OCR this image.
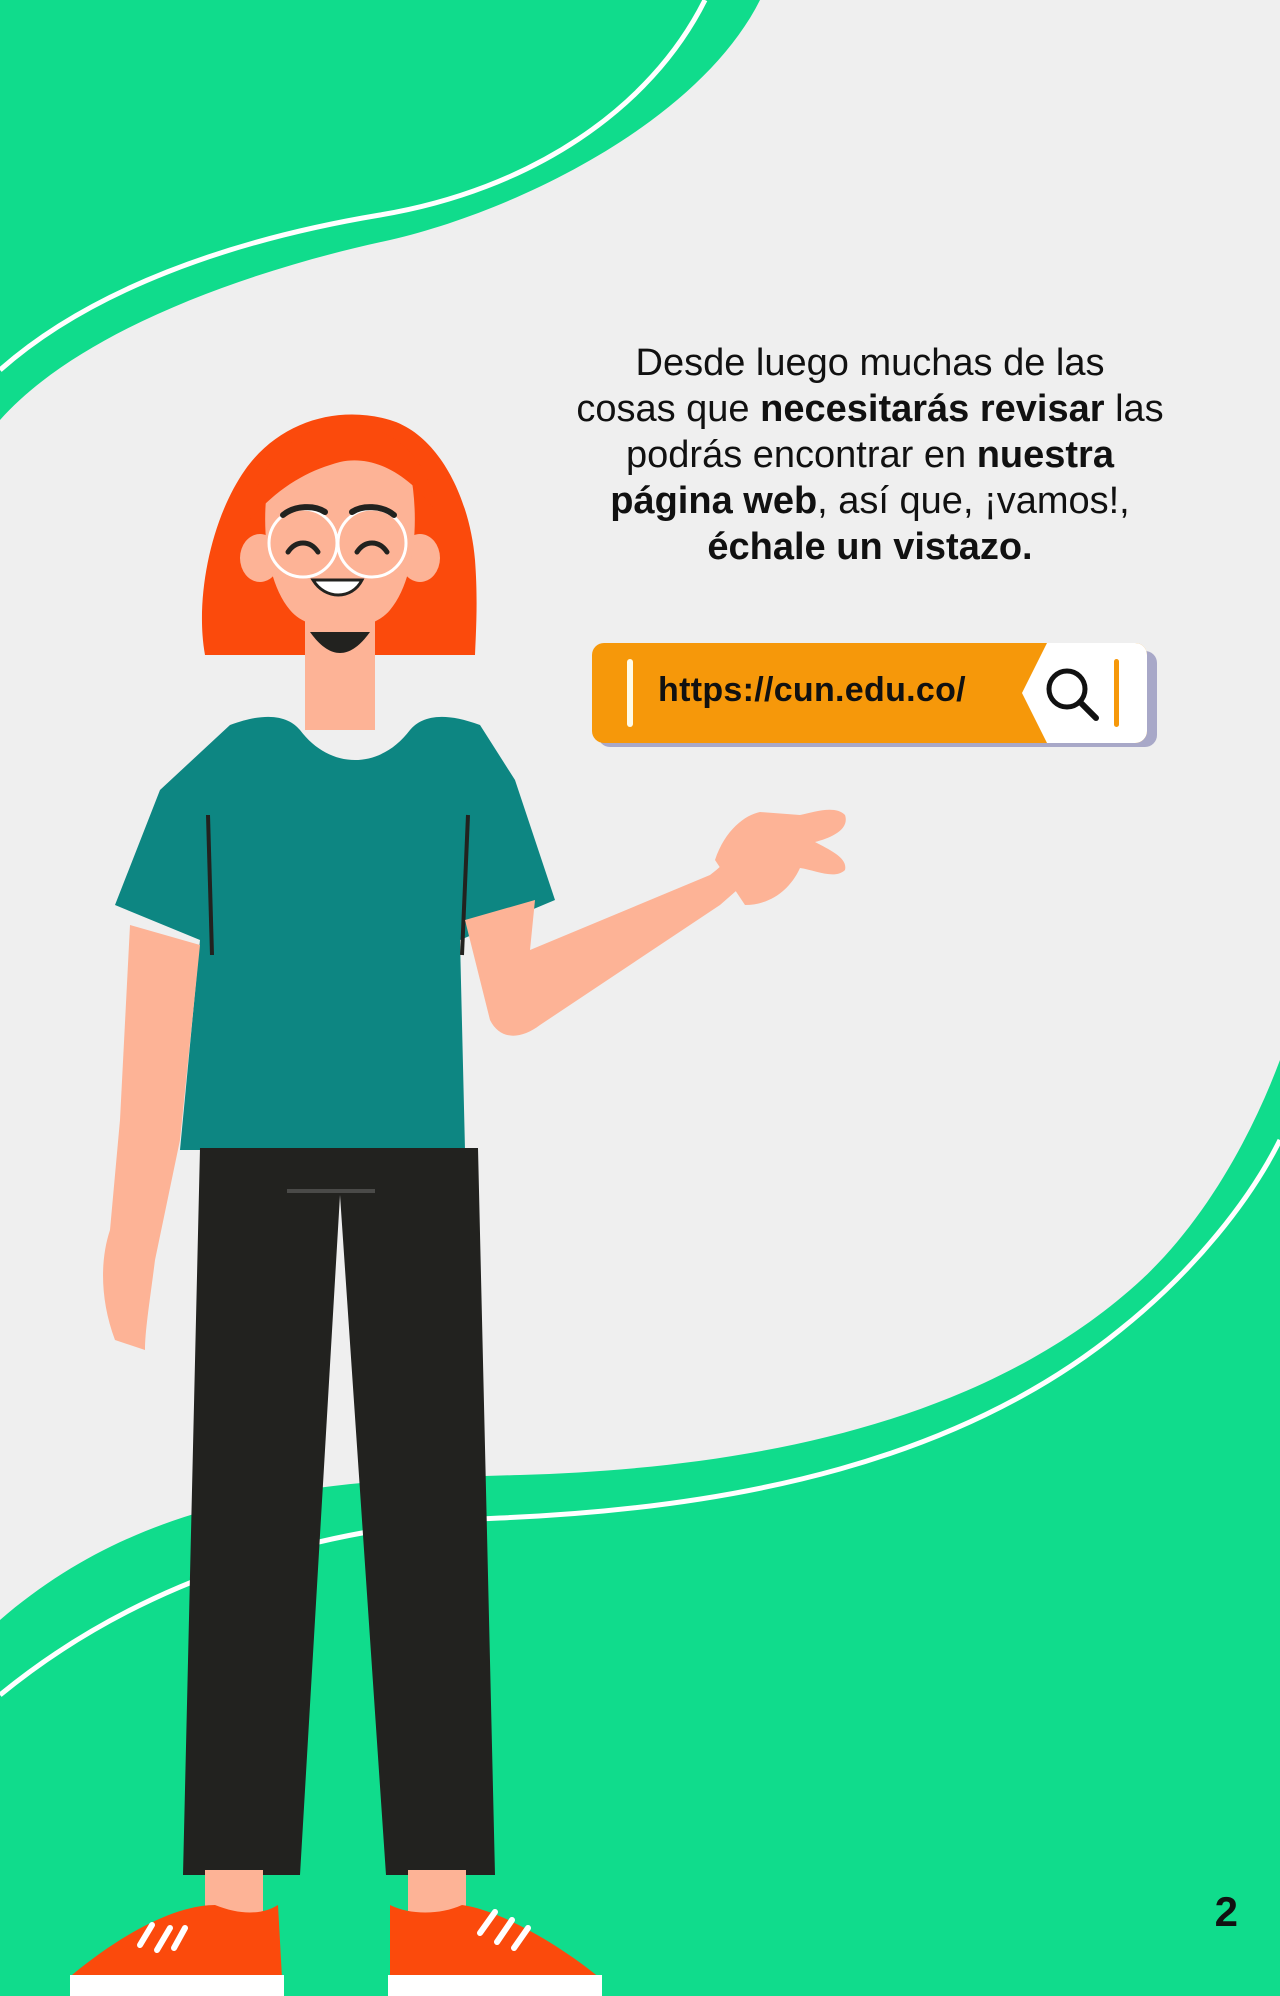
Desde luego muchas de las
cosas que necesitarás revisar las
podrás encontrar en nuestra
página web, así que, ¡vamos!,
échale un vistazo.
https://cun.edu.co/
2
